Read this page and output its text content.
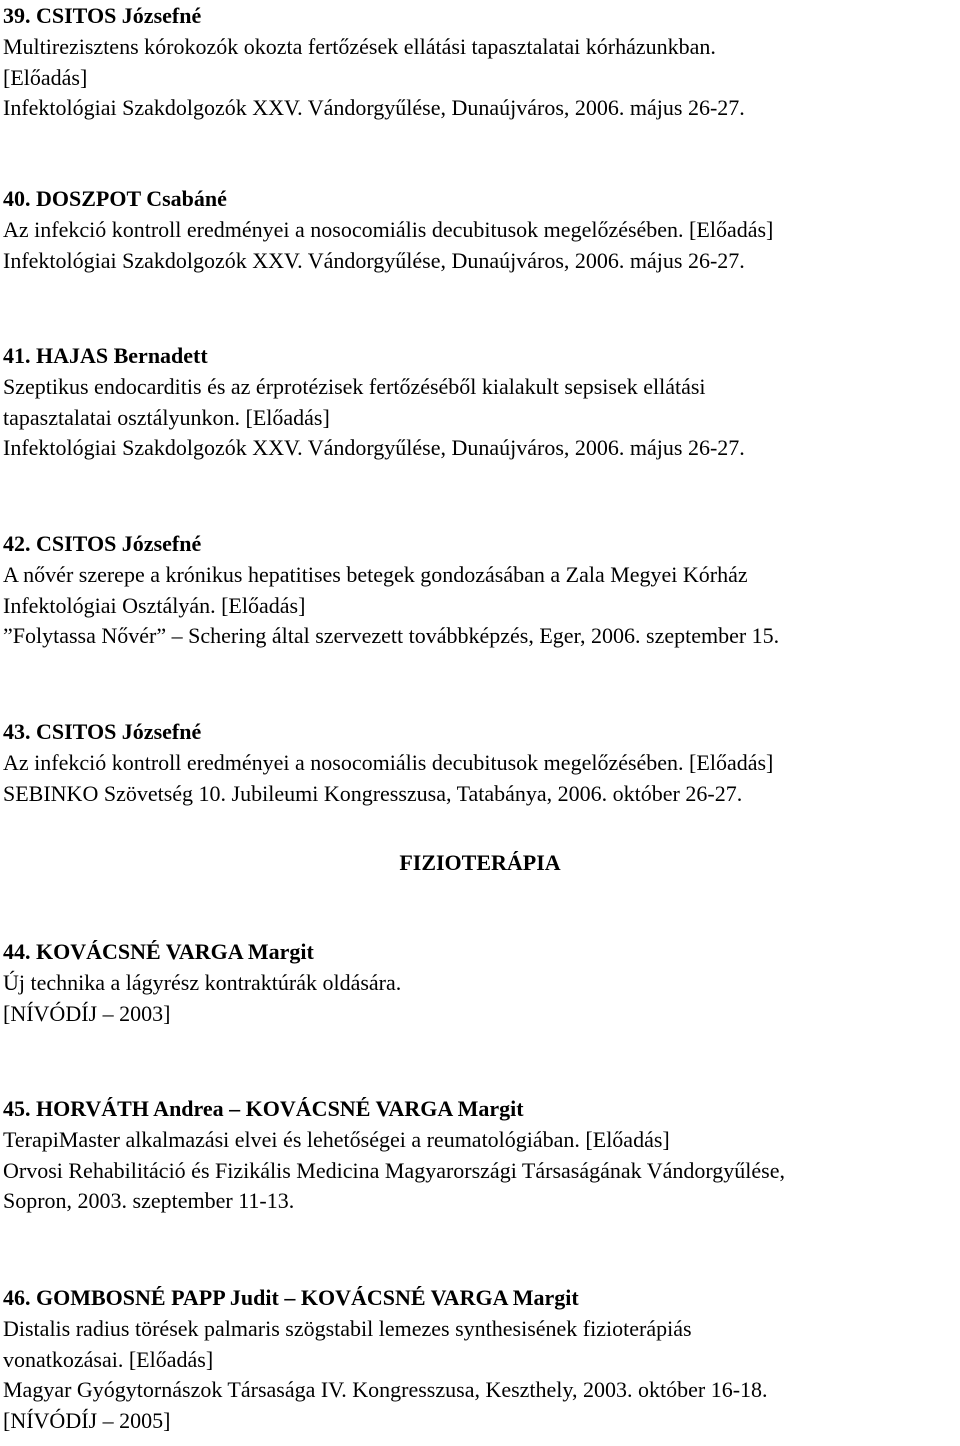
39. CSITOS Józsefné

Multirezisztens kórokozók okozta fertőzések ellátási tapasztalatai kórházunkban.

[Előadás]

Infektológiai Szakdolgozók XXV. Vándorgyűlése, Dunaújváros, 2006. május 26-27.

40. DOSZPOT Csabáné

Az infekció kontroll eredményei a nosocomiális decubitusok megelőzésében. [Előadás]

Infektológiai Szakdolgozók XXV. Vándorgyűlése, Dunaújváros, 2006. május 26-27.

41. HAJAS Bernadett

Szeptikus endocarditis és az érprotézisek fertőzéséből kialakult sepsisek ellátási

tapasztalatai osztályunkon. [Előadás]

Infektológiai Szakdolgozók XXV. Vándorgyűlése, Dunaújváros, 2006. május 26-27.

42. CSITOS Józsefné

A nővér szerepe a krónikus hepatitises betegek gondozásában a Zala Megyei Kórház

Infektológiai Osztályán. [Előadás]

”Folytassa Nővér” – Schering által szervezett továbbképzés, Eger, 2006. szeptember 15.

43. CSITOS Józsefné

Az infekció kontroll eredményei a nosocomiális decubitusok megelőzésében. [Előadás]

SEBINKO Szövetség 10. Jubileumi Kongresszusa, Tatabánya, 2006. október 26-27.

FIZIOTERÁPIA

44. KOVÁCSNÉ VARGA Margit

Új technika a lágyrész kontraktúrák oldására.

[NÍVÓDÍJ – 2003]

45. HORVÁTH Andrea – KOVÁCSNÉ VARGA Margit

TerapiMaster alkalmazási elvei és lehetőségei a reumatológiában. [Előadás]

Orvosi Rehabilitáció és Fizikális Medicina Magyarországi Társaságának Vándorgyűlése,

Sopron, 2003. szeptember 11-13.

46. GOMBOSNÉ PAPP Judit – KOVÁCSNÉ VARGA Margit

Distalis radius törések palmaris szögstabil lemezes synthesisének fizioterápiás

vonatkozásai. [Előadás]

Magyar Gyógytornászok Társasága IV. Kongresszusa, Keszthely, 2003. október 16-18.

[NÍVÓDÍJ – 2005]
